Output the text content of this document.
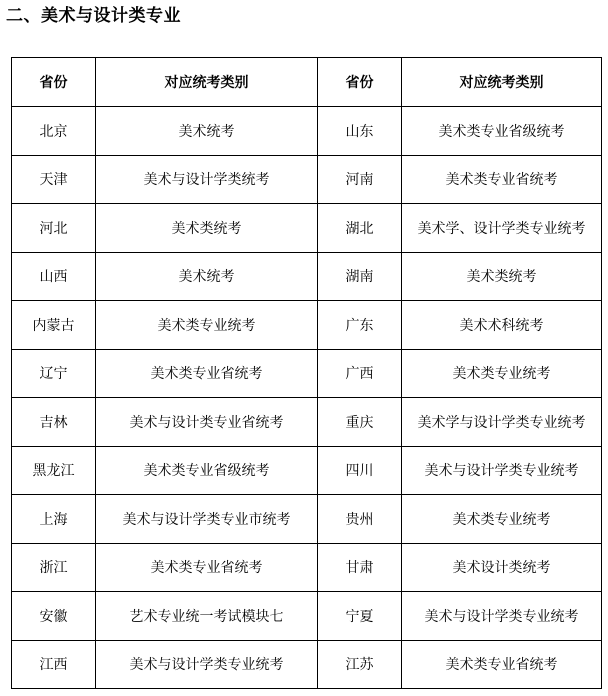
二、美术与设计类专业
省份	对应统考类别	省份	对应统考类别
北京	美术统考	山东	美术类专业省级统考
天津	美术与设计学类统考	河南	美术类专业省统考
河北	美术类统考	湖北	美术学、设计学类专业统考
山西	美术统考	湖南	美术类统考
内蒙古	美术类专业统考	广东	美术术科统考
辽宁	美术类专业省统考	广西	美术类专业统考
吉林	美术与设计类专业省统考	重庆	美术学与设计学类专业统考
黑龙江	美术类专业省级统考	四川	美术与设计学类专业统考
上海	美术与设计学类专业市统考	贵州	美术类专业统考
浙江	美术类专业省统考	甘肃	美术设计类统考
安徽	艺术专业统一考试模块七	宁夏	美术与设计学类专业统考
江西	美术与设计学类专业统考	江苏	美术类专业省统考
